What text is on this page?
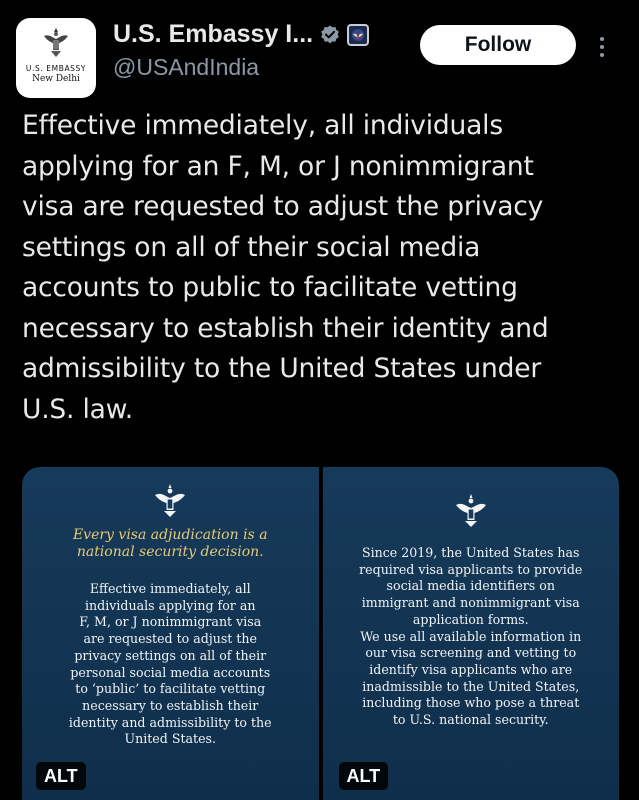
U.S. EMBASSY
New Delhi
U.S. Embassy I...
@USAndIndia
Follow
Effective immediately, all individuals
applying for an F, M, or J nonimmigrant
visa are requested to adjust the privacy
settings on all of their social media
accounts to public to facilitate vetting
necessary to establish their identity and
admissibility to the United States under
U.S. law.
Every visa adjudication is a
national security decision.
Effective immediately, all
individuals applying for an
F, M, or J nonimmigrant visa
are requested to adjust the
privacy settings on all of their
personal social media accounts
to ‘public’ to facilitate vetting
necessary to establish their
identity and admissibility to the
United States.
ALT
Since 2019, the United States has
required visa applicants to provide
social media identifiers on
immigrant and nonimmigrant visa
application forms.
We use all available information in
our visa screening and vetting to
identify visa applicants who are
inadmissible to the United States,
including those who pose a threat
to U.S. national security.
ALT
